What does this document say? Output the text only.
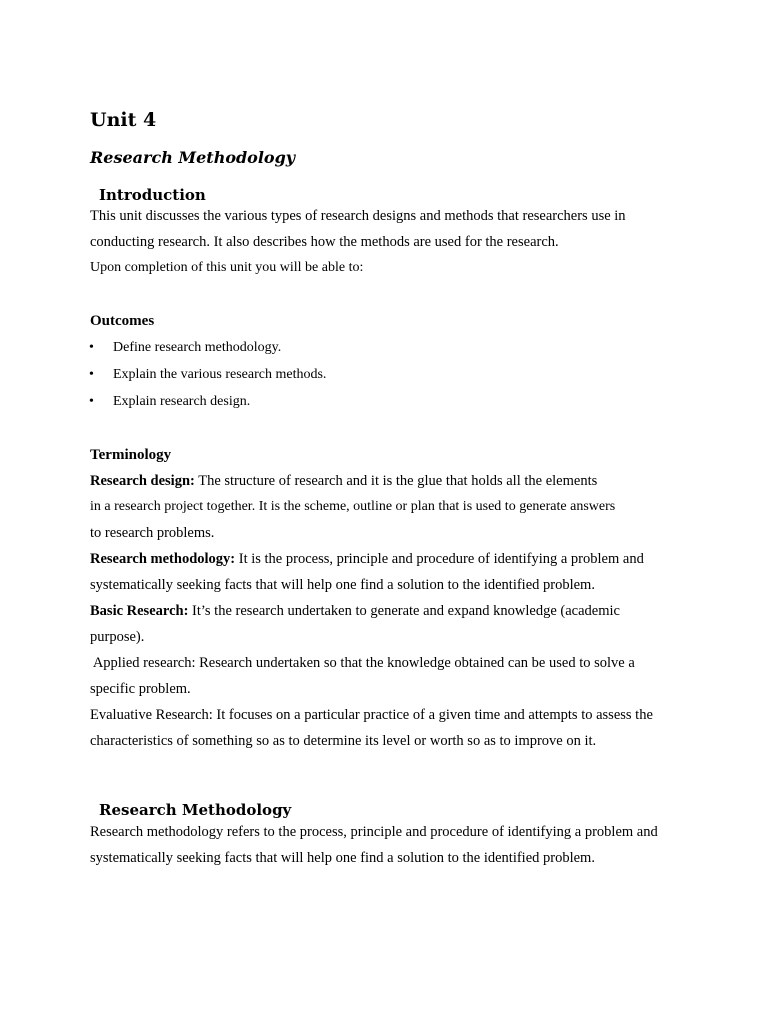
Unit 4
Research Methodology
Introduction
This unit discusses the various types of research designs and methods that researchers use in
conducting research. It also describes how the methods are used for the research.
Upon completion of this unit you will be able to:
Outcomes
• Define research methodology.
• Explain the various research methods.
• Explain research design.
Terminology
Research design: The structure of research and it is the glue that holds all the elements
in a research project together. It is the scheme, outline or plan that is used to generate answers
to research problems.
Research methodology: It is the process, principle and procedure of identifying a problem and
systematically seeking facts that will help one find a solution to the identified problem.
Basic Research: It’s the research undertaken to generate and expand knowledge (academic
purpose).
Applied research: Research undertaken so that the knowledge obtained can be used to solve a
specific problem.
Evaluative Research: It focuses on a particular practice of a given time and attempts to assess the
characteristics of something so as to determine its level or worth so as to improve on it.
Research Methodology
Research methodology refers to the process, principle and procedure of identifying a problem and
systematically seeking facts that will help one find a solution to the identified problem.
